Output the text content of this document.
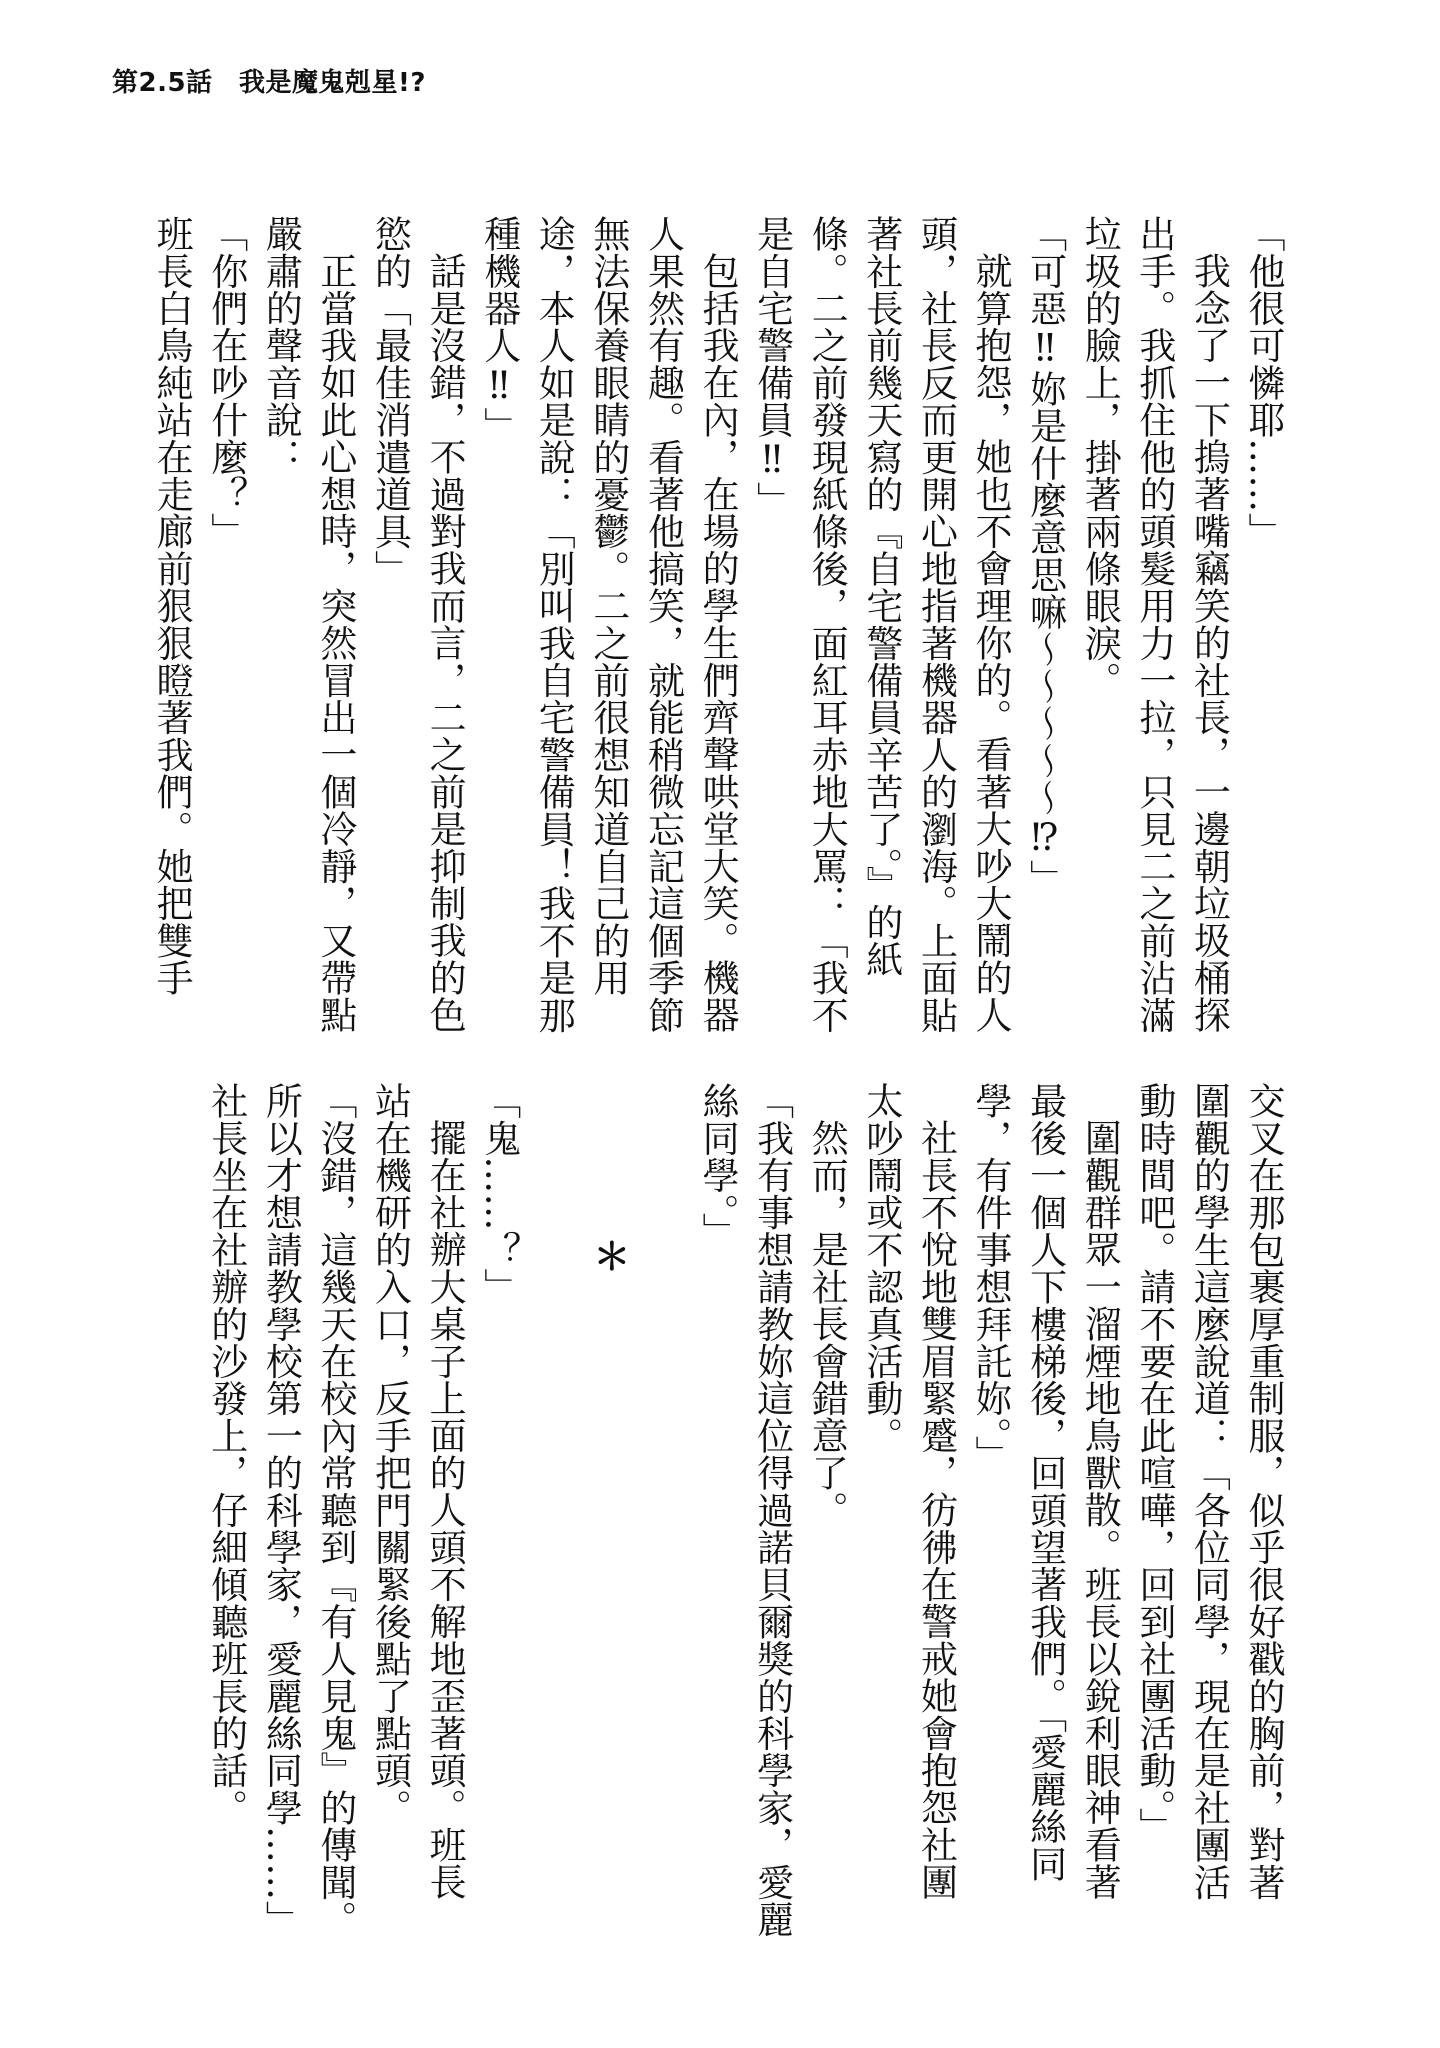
第2.5話　我是魔鬼剋星!?
「他很可憐耶……」
我念了一下摀著嘴竊笑的社長，一邊朝垃圾桶探
出手。我抓住他的頭髮用力一拉，只見二之前沾滿
垃圾的臉上，掛著兩條眼淚。
「可惡‼妳是什麼意思嘛～～～～～⁉」
就算抱怨，她也不會理你的。看著大吵大鬧的人
頭，社長反而更開心地指著機器人的瀏海。上面貼
著社長前幾天寫的『自宅警備員辛苦了。』的紙
條。二之前發現紙條後，面紅耳赤地大罵：「我不
是自宅警備員‼」
包括我在內，在場的學生們齊聲哄堂大笑。機器
人果然有趣。看著他搞笑，就能稍微忘記這個季節
無法保養眼睛的憂鬱。二之前很想知道自己的用
途，本人如是說：「別叫我自宅警備員！我不是那
種機器人‼」
話是沒錯，不過對我而言，二之前是抑制我的色
慾的「最佳消遣道具」
正當我如此心想時，突然冒出一個冷靜，又帶點
嚴肅的聲音說：
「你們在吵什麼？」
班長白鳥純站在走廊前狠狠瞪著我們。她把雙手
交叉在那包裹厚重制服，似乎很好戳的胸前，對著
圍觀的學生這麼說道：「各位同學，現在是社團活
動時間吧。請不要在此喧嘩，回到社團活動。」
圍觀群眾一溜煙地鳥獸散。班長以銳利眼神看著
最後一個人下樓梯後，回頭望著我們。「愛麗絲同
學，有件事想拜託妳。」
社長不悅地雙眉緊蹙，彷彿在警戒她會抱怨社團
太吵鬧或不認真活動。
然而，是社長會錯意了。
「我有事想請教妳這位得過諾貝爾獎的科學家，愛麗
絲同學。」

＊

「鬼……？」
擺在社辦大桌子上面的人頭不解地歪著頭。班長
站在機研的入口，反手把門關緊後點了點頭。
「沒錯，這幾天在校內常聽到『有人見鬼』的傳聞。
所以才想請教學校第一的科學家，愛麗絲同學……」
社長坐在社辦的沙發上，仔細傾聽班長的話。
